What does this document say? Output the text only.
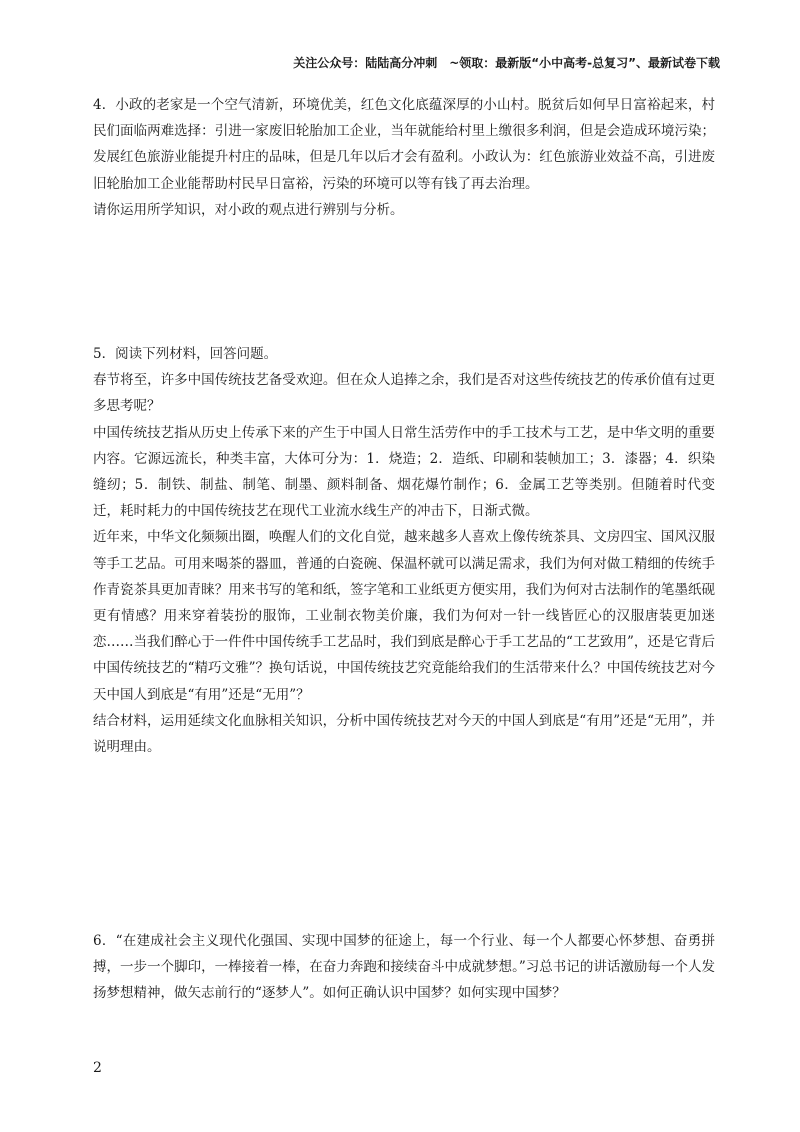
关注公众号：陆陆高分冲刺　~领取：最新版“小中高考-总复习”、最新试卷下载

4．小政的老家是一个空气清新，环境优美，红色文化底蕴深厚的小山村。脱贫后如何早日富裕起来，村民们面临两难选择：引进一家废旧轮胎加工企业，当年就能给村里上缴很多利润，但是会造成环境污染；发展红色旅游业能提升村庄的品味，但是几年以后才会有盈利。小政认为：红色旅游业效益不高，引进废旧轮胎加工企业能帮助村民早日富裕，污染的环境可以等有钱了再去治理。

请你运用所学知识，对小政的观点进行辨别与分析。

5．阅读下列材料，回答问题。

春节将至，许多中国传统技艺备受欢迎。但在众人追捧之余，我们是否对这些传统技艺的传承价值有过更多思考呢？

中国传统技艺指从历史上传承下来的产生于中国人日常生活劳作中的手工技术与工艺，是中华文明的重要内容。它源远流长，种类丰富，大体可分为：1．烧造；2．造纸、印刷和装帧加工；3．漆器；4．织染缝纫；5．制铁、制盐、制笔、制墨、颜料制备、烟花爆竹制作；6．金属工艺等类别。但随着时代变迁，耗时耗力的中国传统技艺在现代工业流水线生产的冲击下，日渐式微。

近年来，中华文化频频出圈，唤醒人们的文化自觉，越来越多人喜欢上像传统茶具、文房四宝、国风汉服等手工艺品。可用来喝茶的器皿，普通的白瓷碗、保温杯就可以满足需求，我们为何对做工精细的传统手作青瓷茶具更加青睐？用来书写的笔和纸，签字笔和工业纸更方便实用，我们为何对古法制作的笔墨纸砚更有情感？用来穿着装扮的服饰，工业制衣物美价廉，我们为何对一针一线皆匠心的汉服唐装更加迷恋……当我们醉心于一件件中国传统手工艺品时，我们到底是醉心于手工艺品的“工艺致用”，还是它背后中国传统技艺的“精巧文雅”？换句话说，中国传统技艺究竟能给我们的生活带来什么？中国传统技艺对今天中国人到底是“有用”还是“无用”？

结合材料，运用延续文化血脉相关知识，分析中国传统技艺对今天的中国人到底是“有用”还是“无用”，并说明理由。

6．“在建成社会主义现代化强国、实现中国梦的征途上，每一个行业、每一个人都要心怀梦想、奋勇拼搏，一步一个脚印，一棒接着一棒，在奋力奔跑和接续奋斗中成就梦想。”习总书记的讲话激励每一个人发扬梦想精神，做矢志前行的“逐梦人”。如何正确认识中国梦？如何实现中国梦？

2
